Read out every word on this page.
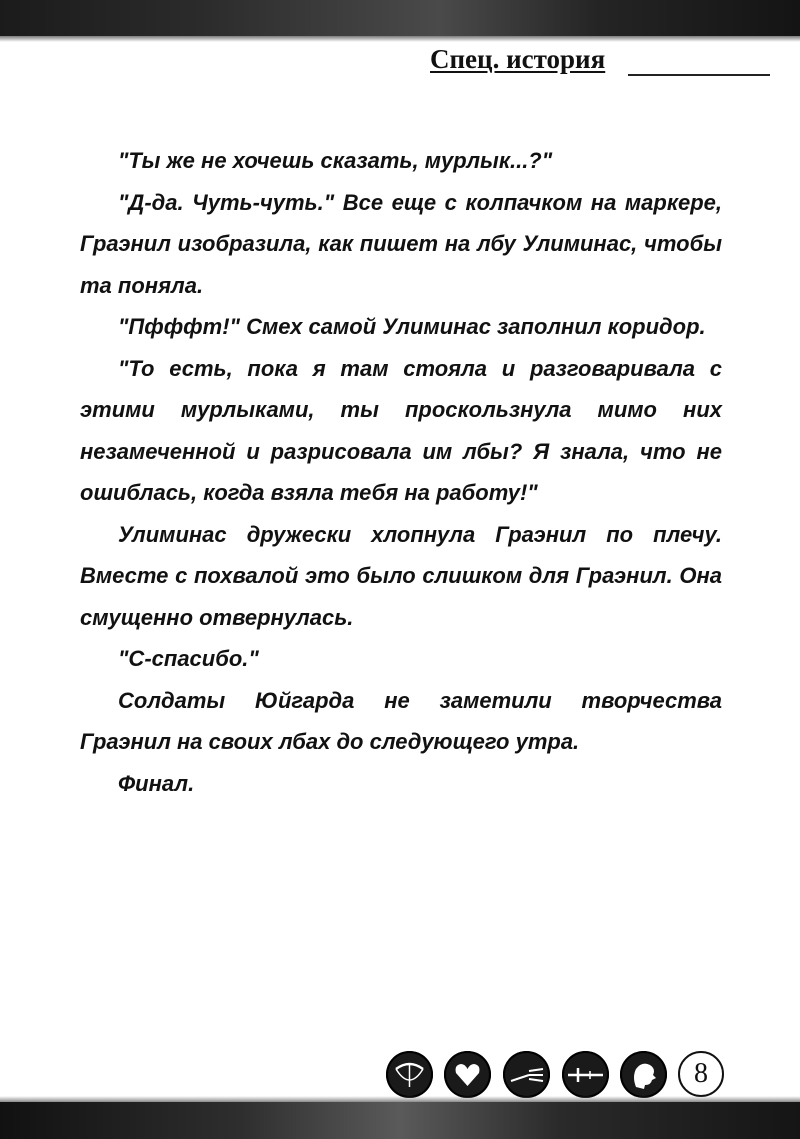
Спец. история

"Ты же не хочешь сказать, мурлык...?"

"Д-да. Чуть-чуть." Все еще с колпачком на маркере, Граэнил изобразила, как пишет на лбу Улиминас, чтобы та поняла.

"Пфффт!" Смех самой Улиминас заполнил коридор.

"То есть, пока я там стояла и разговаривала с этими мурлыками, ты проскользнула мимо них незамеченной и разрисовала им лбы? Я знала, что не ошиблась, когда взяла тебя на работу!"

Улиминас дружески хлопнула Граэнил по плечу. Вместе с похвалой это было слишком для Граэнил. Она смущенно отвернулась.

"С-спасибо."

Солдаты Юйгарда не заметили творчества Граэнил на своих лбах до следующего утра.

Финал.

8
